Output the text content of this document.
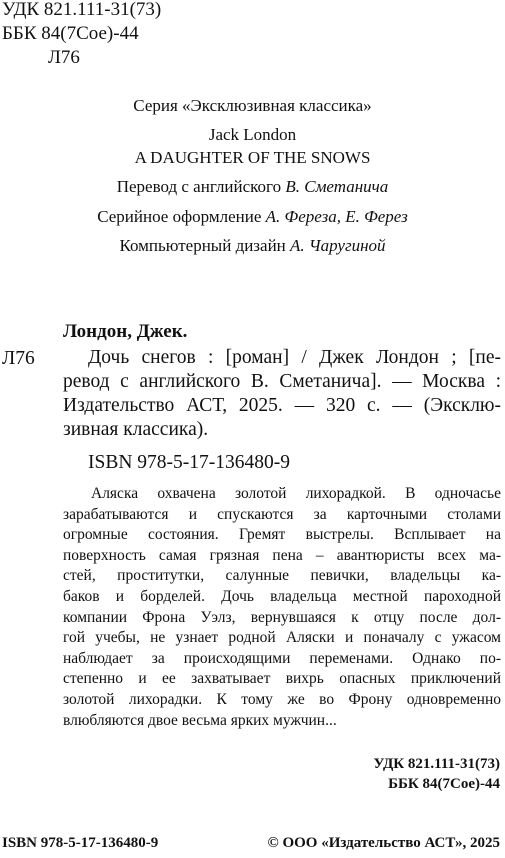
УДК 821.111-31(73)
ББК 84(7Сое)-44
Л76
Серия «Эксклюзивная классика»
Jack London
A DAUGHTER OF THE SNOWS
Перевод с английского В. Сметанича
Серийное оформление А. Фереза, Е. Ферез
Компьютерный дизайн А. Чаругиной
Лондон, Джек.
Л76	Дочь снегов : [роман] / Джек Лондон ; [пе-
ревод с английского В. Сметанича]. — Москва :
Издательство АСТ, 2025. — 320 с. — (Эксклю-
зивная классика).
ISBN 978-5-17-136480-9
Аляска охвачена золотой лихорадкой. В одночасье
зарабатываются и спускаются за карточными столами
огромные состояния. Гремят выстрелы. Всплывает на
поверхность самая грязная пена – авантюристы всех ма-
стей, проститутки, салунные певички, владельцы ка-
баков и борделей. Дочь владельца местной пароходной
компании Фрона Уэлз, вернувшаяся к отцу после дол-
гой учебы, не узнает родной Аляски и поначалу с ужасом
наблюдает за происходящими переменами. Однако по-
степенно и ее захватывает вихрь опасных приключений
золотой лихорадки. К тому же во Фрону одновременно
влюбляются двое весьма ярких мужчин...
УДК 821.111-31(73)
ББК 84(7Сое)-44
ISBN 978-5-17-136480-9	© ООО «Издательство АСТ», 2025
